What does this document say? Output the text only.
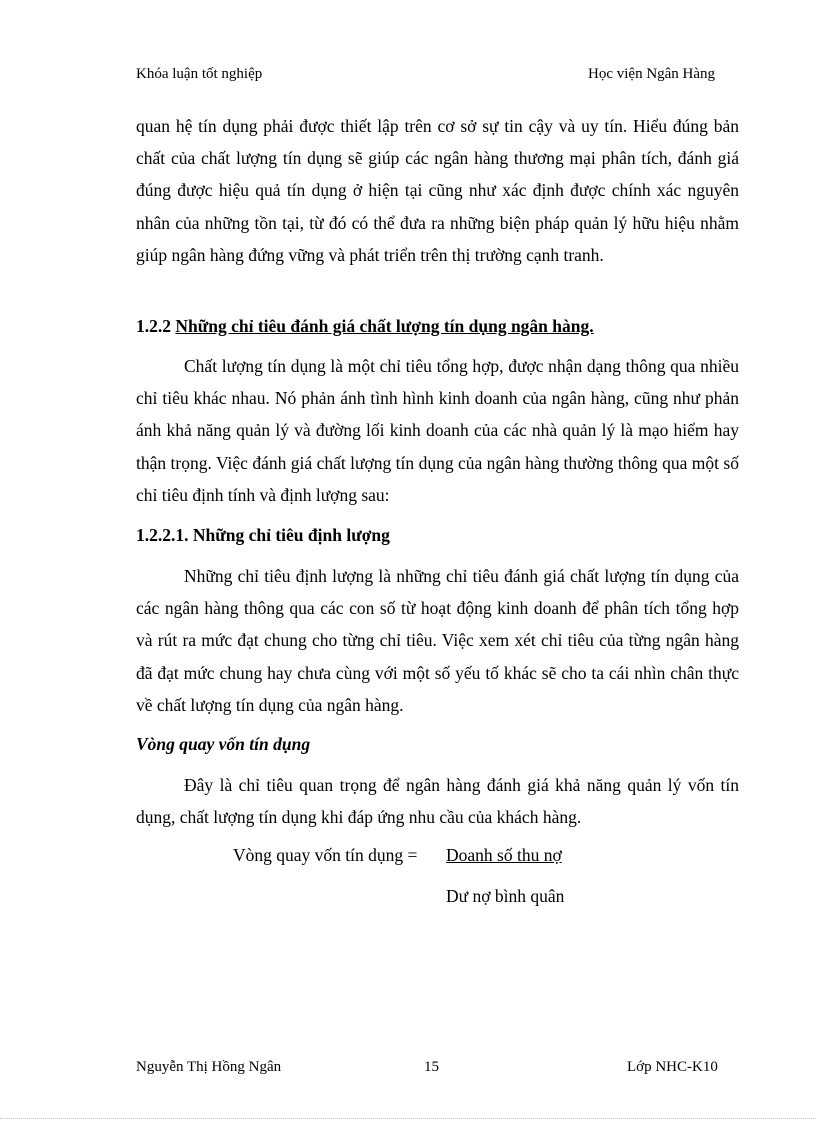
Khóa luận tốt nghiệp	Học viện Ngân Hàng

quan hệ tín dụng phải được thiết lập trên cơ sở sự tin cậy và uy tín. Hiểu đúng bản chất của chất lượng tín dụng sẽ giúp các ngân hàng thương mại phân tích, đánh giá đúng được hiệu quả tín dụng ở hiện tại cũng như xác định được chính xác nguyên nhân của những tồn tại, từ đó có thể đưa ra những biện pháp quản lý hữu hiệu nhằm giúp ngân hàng đứng vững và phát triển trên thị trường cạnh tranh.

1.2.2 Những chỉ tiêu đánh giá chất lượng tín dụng ngân hàng.

Chất lượng tín dụng là một chỉ tiêu tổng hợp, được nhận dạng thông qua nhiều chỉ tiêu khác nhau. Nó phản ánh tình hình kinh doanh của ngân hàng, cũng như phản ánh khả năng quản lý và đường lối kinh doanh của các nhà quản lý là mạo hiểm hay thận trọng. Việc đánh giá chất lượng tín dụng của ngân hàng thường thông qua một số chỉ tiêu định tính và định lượng sau:

1.2.2.1. Những chỉ tiêu định lượng

Những chỉ tiêu định lượng là những chỉ tiêu đánh giá chất lượng tín dụng của các ngân hàng thông qua các con số từ hoạt động kinh doanh để phân tích tổng hợp và rút ra mức đạt chung cho từng chỉ tiêu. Việc xem xét chỉ tiêu của từng ngân hàng đã đạt mức chung hay chưa cùng với một số yếu tố khác sẽ cho ta cái nhìn chân thực về chất lượng tín dụng của ngân hàng.

Vòng quay vốn tín dụng

Đây là chỉ tiêu quan trọng để ngân hàng đánh giá khả năng quản lý vốn tín dụng, chất lượng tín dụng khi đáp ứng nhu cầu của khách hàng.

Vòng quay vốn tín dụng = Doanh số thu nợ
Dư nợ bình quân
Nguyễn Thị Hồng Ngân	15	Lớp NHC-K10
